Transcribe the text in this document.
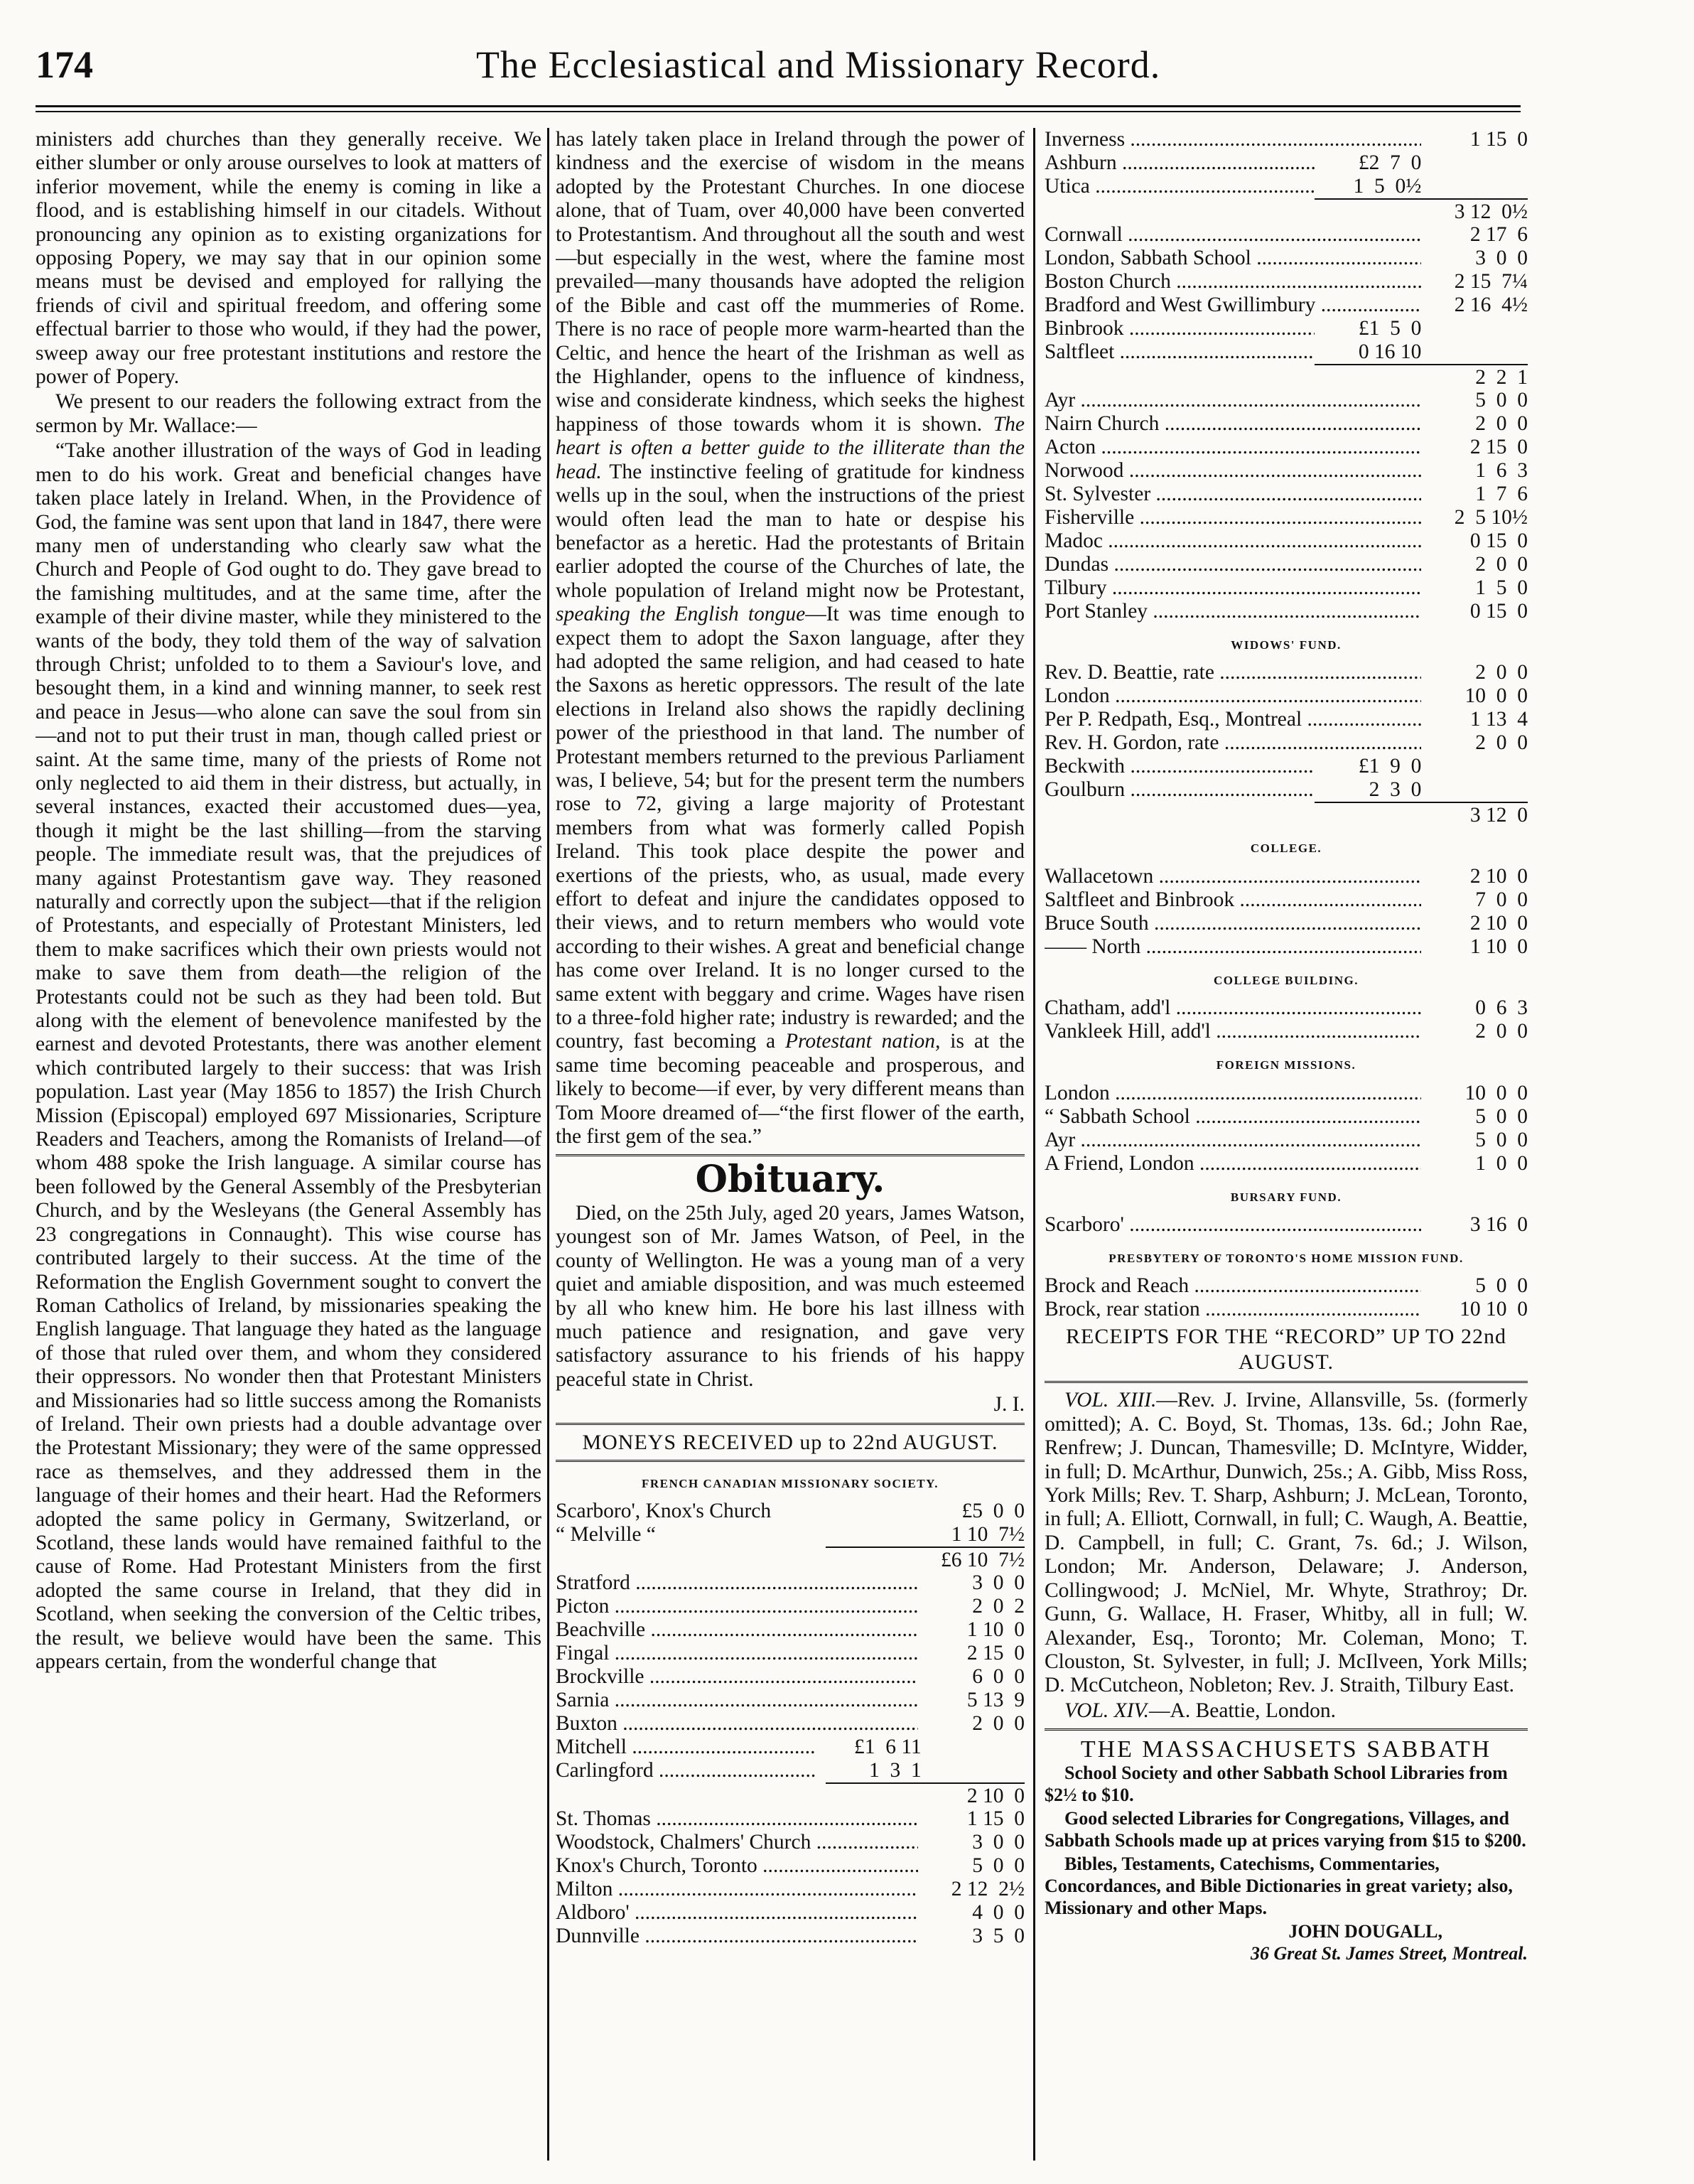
174	The Ecclesiastical and Missionary Record.

ministers add churches than they generally receive. We either slumber or only arouse ourselves to look at matters of inferior movement, while the enemy is coming in like a flood, and is establishing himself in our citadels. Without pronouncing any opinion as to existing organizations for opposing Popery, we may say that in our opinion some means must be devised and employed for rallying the friends of civil and spiritual freedom, and offering some effectual barrier to those who would, if they had the power, sweep away our free protestant institutions and restore the power of Popery.

We present to our readers the following extract from the sermon by Mr. Wallace:—

“Take another illustration of the ways of God in leading men to do his work. Great and beneficial changes have taken place lately in Ireland. When, in the Providence of God, the famine was sent upon that land in 1847, there were many men of understanding who clearly saw what the Church and People of God ought to do. They gave bread to the famishing multitudes, and at the same time, after the example of their divine master, while they ministered to the wants of the body, they told them of the way of salvation through Christ; unfolded to to them a Saviour's love, and besought them, in a kind and winning manner, to seek rest and peace in Jesus—who alone can save the soul from sin—and not to put their trust in man, though called priest or saint. At the same time, many of the priests of Rome not only neglected to aid them in their distress, but actually, in several instances, exacted their accustomed dues—yea, though it might be the last shilling—from the starving people. The immediate result was, that the prejudices of many against Protestantism gave way. They reasoned naturally and correctly upon the subject—that if the religion of Protestants, and especially of Protestant Ministers, led them to make sacrifices which their own priests would not make to save them from death—the religion of the Protestants could not be such as they had been told. But along with the element of benevolence manifested by the earnest and devoted Protestants, there was another element which contributed largely to their success: that was Irish population. Last year (May 1856 to 1857) the Irish Church Mission (Episcopal) employed 697 Missionaries, Scripture Readers and Teachers, among the Romanists of Ireland—of whom 488 spoke the Irish language. A similar course has been followed by the General Assembly of the Presbyterian Church, and by the Wesleyans (the General Assembly has 23 congregations in Connaught). This wise course has contributed largely to their success. At the time of the Reformation the English Government sought to convert the Roman Catholics of Ireland, by missionaries speaking the English language. That language they hated as the language of those that ruled over them, and whom they considered their oppressors. No wonder then that Protestant Ministers and Missionaries had so little success among the Romanists of Ireland. Their own priests had a double advantage over the Protestant Missionary; they were of the same oppressed race as themselves, and they addressed them in the language of their homes and their heart. Had the Reformers adopted the same policy in Germany, Switzerland, or Scotland, these lands would have remained faithful to the cause of Rome. Had Protestant Ministers from the first adopted the same course in Ireland, that they did in Scotland, when seeking the conversion of the Celtic tribes, the result, we believe would have been the same. This appears certain, from the wonderful change that

has lately taken place in Ireland through the power of kindness and the exercise of wisdom in the means adopted by the Protestant Churches. In one diocese alone, that of Tuam, over 40,000 have been converted to Protestantism. And throughout all the south and west—but especially in the west, where the famine most prevailed—many thousands have adopted the religion of the Bible and cast off the mummeries of Rome. There is no race of people more warm-hearted than the Celtic, and hence the heart of the Irishman as well as the Highlander, opens to the influence of kindness, wise and considerate kindness, which seeks the highest happiness of those towards whom it is shown. The heart is often a better guide to the illiterate than the head. The instinctive feeling of gratitude for kindness wells up in the soul, when the instructions of the priest would often lead the man to hate or despise his benefactor as a heretic. Had the protestants of Britain earlier adopted the course of the Churches of late, the whole population of Ireland might now be Protestant, speaking the English tongue—It was time enough to expect them to adopt the Saxon language, after they had adopted the same religion, and had ceased to hate the Saxons as heretic oppressors. The result of the late elections in Ireland also shows the rapidly declining power of the priesthood in that land. The number of Protestant members returned to the previous Parliament was, I believe, 54; but for the present term the numbers rose to 72, giving a large majority of Protestant members from what was formerly called Popish Ireland. This took place despite the power and exertions of the priests, who, as usual, made every effort to defeat and injure the candidates opposed to their views, and to return members who would vote according to their wishes. A great and beneficial change has come over Ireland. It is no longer cursed to the same extent with beggary and crime. Wages have risen to a three-fold higher rate; industry is rewarded; and the country, fast becoming a Protestant nation, is at the same time becoming peaceable and prosperous, and likely to become—if ever, by very different means than Tom Moore dreamed of—“the first flower of the earth, the first gem of the sea.”

Obituary.

Died, on the 25th July, aged 20 years, James Watson, youngest son of Mr. James Watson, of Peel, in the county of Wellington. He was a young man of a very quiet and amiable disposition, and was much esteemed by all who knew him. He bore his last illness with much patience and resignation, and gave very satisfactory assurance to his friends of his happy peaceful state in Christ.

J. I.
MONEYS RECEIVED up to 22nd AUGUST.
FRENCH CANADIAN MISSIONARY SOCIETY.
Scarboro', Knox's Church	£5  0  0
“ Melville “	1 10  7½
£6 10  7½
Stratford .....	3  0  0
Picton .....	2  0  2
Beachville .....	1 10  0
Fingal .....	2 15  0
Brockville .....	6  0  0
Sarnia .....	5 13  9
Buxton .....	2  0  0
Mitchell .....	£1  6 11
Carlingford .....	1  3  1
2 10  0
St. Thomas .....	1 15  0
Woodstock, Chalmers' Church .....	3  0  0
Knox's Church, Toronto .....	5  0  0
Milton .....	2 12  2½
Aldboro' .....	4  0  0
Dunnville .....	3  5  0
Inverness .....	1 15  0
Ashburn .....	£2  7  0
Utica .....	1  5  0½
3 12  0½
Cornwall .....	2 17  6
London, Sabbath School .....	3  0  0
Boston Church .....	2 15  7¼
Bradford and West Gwillimbury .....	2 16  4½
Binbrook .....	£1  5  0
Saltfleet .....	0 16 10
2  2  1
Ayr .....	5  0  0
Nairn Church .....	2  0  0
Acton .....	2 15  0
Norwood .....	1  6  3
St. Sylvester .....	1  7  6
Fisherville .....	2  5 10½
Madoc .....	0 15  0
Dundas .....	2  0  0
Tilbury .....	1  5  0
Port Stanley .....	0 15  0
WIDOWS' FUND.
Rev. D. Beattie, rate .....	2  0  0
London .....	10  0  0
Per P. Redpath, Esq., Montreal .....	1 13  4
Rev. H. Gordon, rate .....	2  0  0
Beckwith .....	£1  9  0
Goulburn .....	2  3  0
3 12  0
COLLEGE.
Wallacetown .....	2 10  0
Saltfleet and Binbrook .....	7  0  0
Bruce South .....	2 10  0
—— North .....	1 10  0
COLLEGE BUILDING.
Chatham, add'l .....	0  6  3
Vankleek Hill, add'l .....	2  0  0
FOREIGN MISSIONS.
London .....	10  0  0
“ Sabbath School .....	5  0  0
Ayr .....	5  0  0
A Friend, London .....	1  0  0
BURSARY FUND.
Scarboro' .....	3 16  0
PRESBYTERY OF TORONTO'S HOME MISSION FUND.
Brock and Reach .....	5  0  0
Brock, rear station .....	10 10  0
RECEIPTS FOR THE “RECORD” UP TO 22nd AUGUST.

VOL. XIII.—Rev. J. Irvine, Allansville, 5s. (formerly omitted); A. C. Boyd, St. Thomas, 13s. 6d.; John Rae, Renfrew; J. Duncan, Thamesville; D. McIntyre, Widder, in full; D. McArthur, Dunwich, 25s.; A. Gibb, Miss Ross, York Mills; Rev. T. Sharp, Ashburn; J. McLean, Toronto, in full; A. Elliott, Cornwall, in full; C. Waugh, A. Beattie, D. Campbell, in full; C. Grant, 7s. 6d.; J. Wilson, London; Mr. Anderson, Delaware; J. Anderson, Collingwood; J. McNiel, Mr. Whyte, Strathroy; Dr. Gunn, G. Wallace, H. Fraser, Whitby, all in full; W. Alexander, Esq., Toronto; Mr. Coleman, Mono; T. Clouston, St. Sylvester, in full; J. McIlveen, York Mills; D. McCutcheon, Nobleton; Rev. J. Straith, Tilbury East.

VOL. XIV.—A. Beattie, London.

THE MASSACHUSETS SABBATH

School Society and other Sabbath School Libraries from $2½ to $10.

Good selected Libraries for Congregations, Villages, and Sabbath Schools made up at prices varying from $15 to $200.

Bibles, Testaments, Catechisms, Commentaries, Concordances, and Bible Dictionaries in great variety; also, Missionary and other Maps.

JOHN DOUGALL,
36 Great St. James Street, Montreal.
